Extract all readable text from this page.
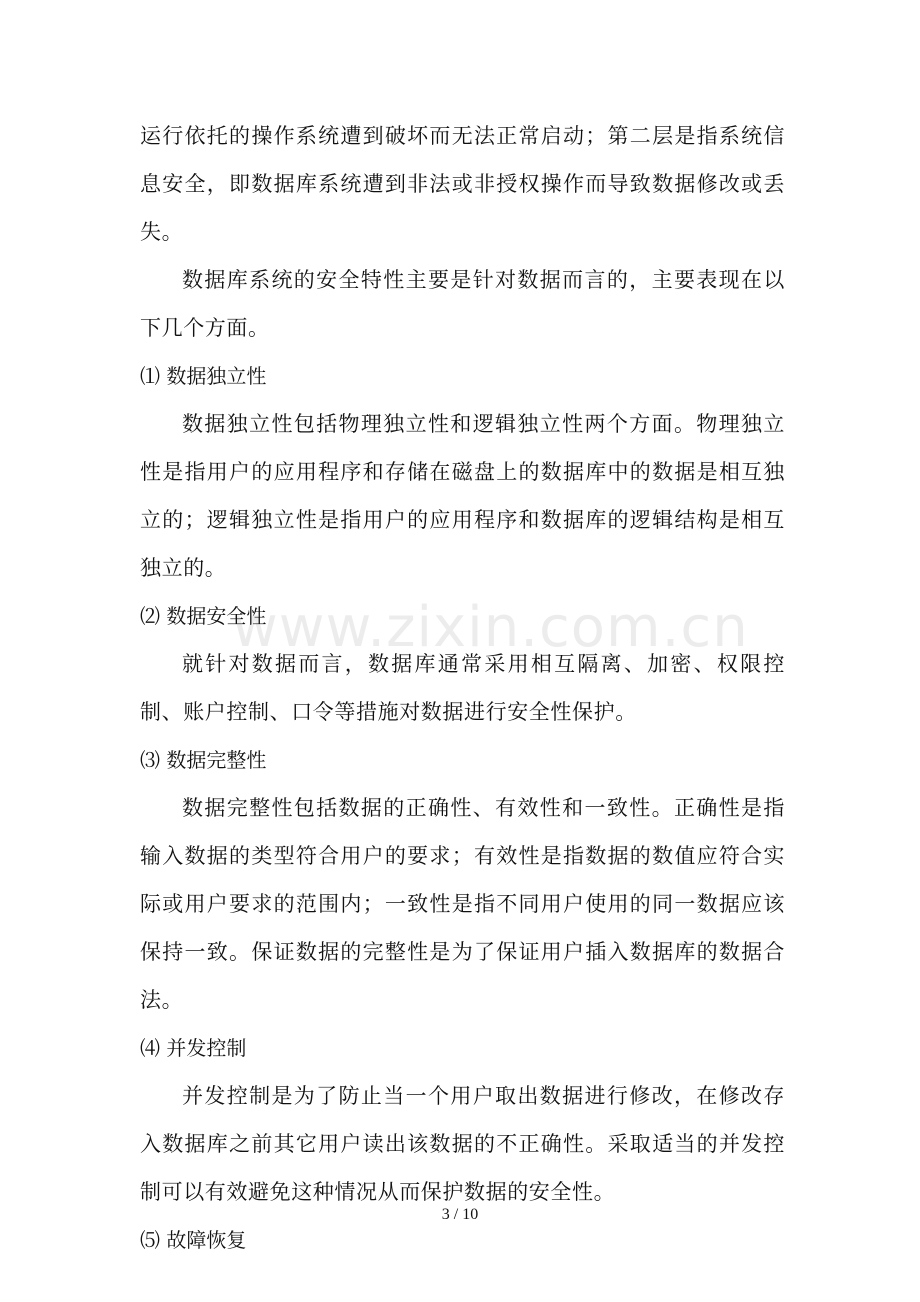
运行依托的操作系统遭到破坏而无法正常启动；第二层是指系统信息安全，即数据库系统遭到非法或非授权操作而导致数据修改或丢失。

数据库系统的安全特性主要是针对数据而言的，主要表现在以下几个方面。

⑴ 数据独立性

数据独立性包括物理独立性和逻辑独立性两个方面。物理独立性是指用户的应用程序和存储在磁盘上的数据库中的数据是相互独立的；逻辑独立性是指用户的应用程序和数据库的逻辑结构是相互独立的。

⑵ 数据安全性

就针对数据而言，数据库通常采用相互隔离、加密、权限控制、账户控制、口令等措施对数据进行安全性保护。

⑶ 数据完整性

数据完整性包括数据的正确性、有效性和一致性。正确性是指输入数据的类型符合用户的要求；有效性是指数据的数值应符合实际或用户要求的范围内；一致性是指不同用户使用的同一数据应该保持一致。保证数据的完整性是为了保证用户插入数据库的数据合法。

⑷ 并发控制

并发控制是为了防止当一个用户取出数据进行修改，在修改存入数据库之前其它用户读出该数据的不正确性。采取适当的并发控制可以有效避免这种情况从而保护数据的安全性。

⑸ 故障恢复

www.zixin.com.cn
3 / 10
